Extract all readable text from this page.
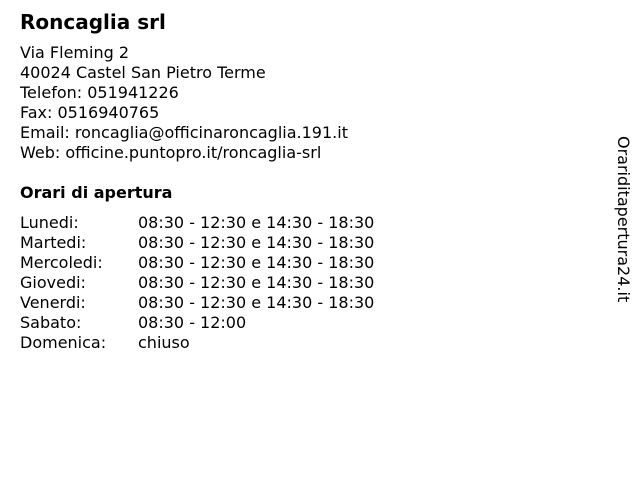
Roncaglia srl
Via Fleming 2
40024 Castel San Pietro Terme
Telefon: 051941226
Fax: 0516940765
Email: roncaglia@officinaroncaglia.191.it
Web: officine.puntopro.it/roncaglia-srl
Orari di apertura
Lunedi:	08:30 - 12:30 e 14:30 - 18:30
Martedi:	08:30 - 12:30 e 14:30 - 18:30
Mercoledi: 08:30 - 12:30 e 14:30 - 18:30
Giovedi:	08:30 - 12:30 e 14:30 - 18:30
Venerdi:	08:30 - 12:30 e 14:30 - 18:30
Sabato:	08:30 - 12:00
Domenica: chiuso
Orariditapertura24.it
